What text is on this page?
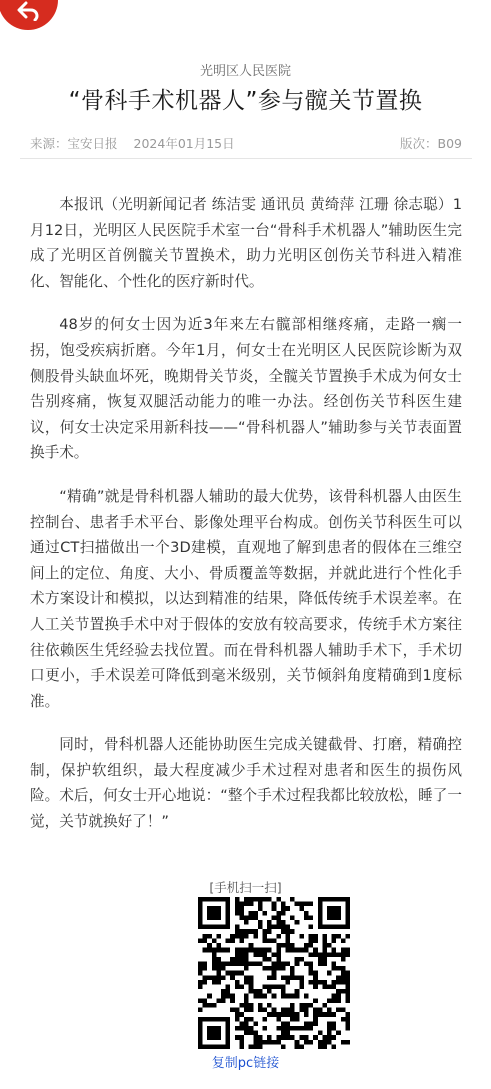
光明区人民医院
“骨科手术机器人”参与髋关节置换
来源：宝安日报 2024年01月15日	版次：B09

本报讯（光明新闻记者 练洁雯 通讯员 黄绮萍 江珊 徐志聪）1月12日，光明区人民医院手术室一台“骨科手术机器人”辅助医生完成了光明区首例髋关节置换术，助力光明区创伤关节科进入精准化、智能化、个性化的医疗新时代。

48岁的何女士因为近3年来左右髋部相继疼痛，走路一瘸一拐，饱受疾病折磨。今年1月，何女士在光明区人民医院诊断为双侧股骨头缺血坏死，晚期骨关节炎，全髋关节置换手术成为何女士告别疼痛，恢复双腿活动能力的唯一办法。经创伤关节科医生建议，何女士决定采用新科技——“骨科机器人”辅助参与关节表面置换手术。

“精确”就是骨科机器人辅助的最大优势，该骨科机器人由医生控制台、患者手术平台、影像处理平台构成。创伤关节科医生可以通过CT扫描做出一个3D建模，直观地了解到患者的假体在三维空间上的定位、角度、大小、骨质覆盖等数据，并就此进行个性化手术方案设计和模拟，以达到精准的结果，降低传统手术误差率。在人工关节置换手术中对于假体的安放有较高要求，传统手术方案往往依赖医生凭经验去找位置。而在骨科机器人辅助手术下，手术切口更小，手术误差可降低到毫米级别，关节倾斜角度精确到1度标准。

同时，骨科机器人还能协助医生完成关键截骨、打磨，精确控制，保护软组织，最大程度减少手术过程对患者和医生的损伤风险。术后，何女士开心地说：“整个手术过程我都比较放松，睡了一觉，关节就换好了！”

[手机扫一扫]
复制pc链接
